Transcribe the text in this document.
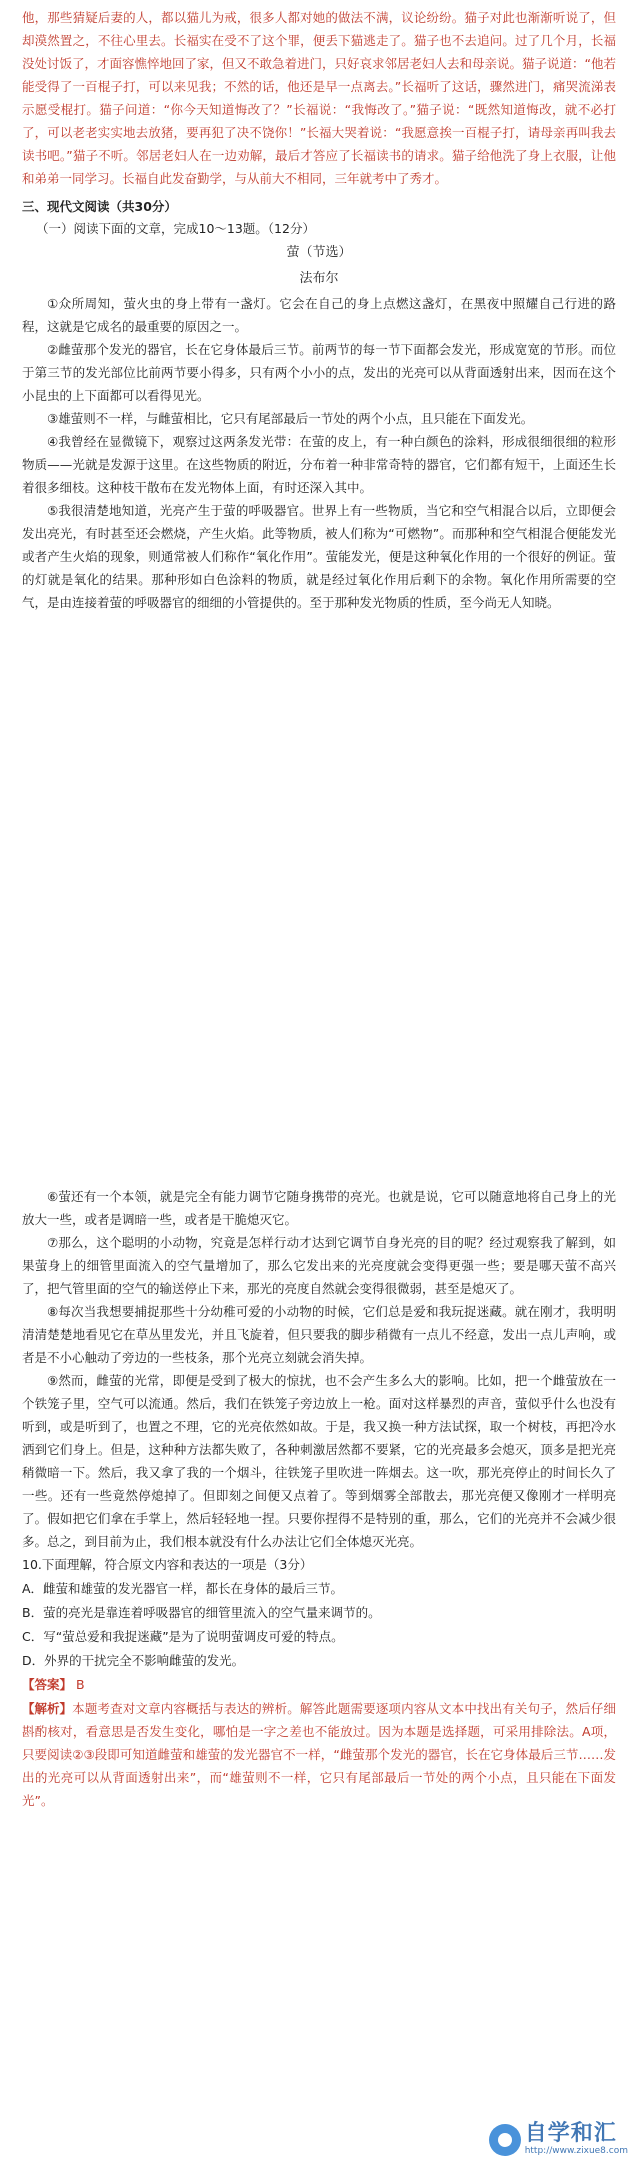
他，那些猜疑后妻的人，都以猫儿为戒，很多人都对她的做法不满，议论纷纷。猫子对此也渐渐听说了，但却漠然置之，不往心里去。长福实在受不了这个罪，便丢下猫逃走了。猫子也不去追问。过了几个月，长福没处讨饭了，才面容憔悴地回了家，但又不敢急着进门，只好哀求邻居老妇人去和母亲说。猫子说道：“他若能受得了一百棍子打，可以来见我；不然的话，他还是早一点离去。”长福听了这话，骤然进门，痛哭流涕表示愿受棍打。猫子问道：“你今天知道悔改了？”长福说：“我悔改了。”猫子说：“既然知道悔改，就不必打了，可以老老实实地去放猪，要再犯了决不饶你！”长福大哭着说：“我愿意挨一百棍子打，请母亲再叫我去读书吧。”猫子不听。邻居老妇人在一边劝解，最后才答应了长福读书的请求。猫子给他洗了身上衣服，让他和弟弟一同学习。长福自此发奋勤学，与从前大不相同，三年就考中了秀才。

三、现代文阅读（共30分）

（一）阅读下面的文章，完成10～13题。（12分）

萤（节选）

法布尔

①众所周知，萤火虫的身上带有一盏灯。它会在自己的身上点燃这盏灯，在黑夜中照耀自己行进的路程，这就是它成名的最重要的原因之一。

②雌萤那个发光的器官，长在它身体最后三节。前两节的每一节下面都会发光，形成宽宽的节形。而位于第三节的发光部位比前两节要小得多，只有两个小小的点，发出的光亮可以从背面透射出来，因而在这个小昆虫的上下面都可以看得见光。

③雄萤则不一样，与雌萤相比，它只有尾部最后一节处的两个小点，且只能在下面发光。

④我曾经在显微镜下，观察过这两条发光带：在萤的皮上，有一种白颜色的涂料，形成很细很细的粒形物质——光就是发源于这里。在这些物质的附近，分布着一种非常奇特的器官，它们都有短干，上面还生长着很多细枝。这种枝干散布在发光物体上面，有时还深入其中。

⑤我很清楚地知道，光亮产生于萤的呼吸器官。世界上有一些物质，当它和空气相混合以后，立即便会发出亮光，有时甚至还会燃烧，产生火焰。此等物质，被人们称为“可燃物”。而那种和空气相混合便能发光或者产生火焰的现象，则通常被人们称作“氧化作用”。萤能发光，便是这种氧化作用的一个很好的例证。萤的灯就是氧化的结果。那种形如白色涂料的物质，就是经过氧化作用后剩下的余物。氧化作用所需要的空气，是由连接着萤的呼吸器官的细细的小管提供的。至于那种发光物质的性质，至今尚无人知晓。

⑥萤还有一个本领，就是完全有能力调节它随身携带的亮光。也就是说，它可以随意地将自己身上的光放大一些，或者是调暗一些，或者是干脆熄灭它。

⑦那么，这个聪明的小动物，究竟是怎样行动才达到它调节自身光亮的目的呢？经过观察我了解到，如果萤身上的细管里面流入的空气量增加了，那么它发出来的光亮度就会变得更强一些；要是哪天萤不高兴了，把气管里面的空气的输送停止下来，那光的亮度自然就会变得很微弱，甚至是熄灭了。

⑧每次当我想要捕捉那些十分幼稚可爱的小动物的时候，它们总是爱和我玩捉迷藏。就在刚才，我明明清清楚楚地看见它在草丛里发光，并且飞旋着，但只要我的脚步稍微有一点儿不经意，发出一点儿声响，或者是不小心触动了旁边的一些枝条，那个光亮立刻就会消失掉。

⑨然而，雌萤的光常，即便是受到了极大的惊扰，也不会产生多么大的影响。比如，把一个雌萤放在一个铁笼子里，空气可以流通。然后，我们在铁笼子旁边放上一枪。面对这样暴烈的声音，萤似乎什么也没有听到，或是听到了，也置之不理，它的光亮依然如故。于是，我又换一种方法试探，取一个树枝，再把冷水洒到它们身上。但是，这种种方法都失败了，各种刺激居然都不要紧，它的光亮最多会熄灭，顶多是把光亮稍微暗一下。然后，我又拿了我的一个烟斗，往铁笼子里吹进一阵烟去。这一吹，那光亮停止的时间长久了一些。还有一些竟然停熄掉了。但即刻之间便又点着了。等到烟雾全部散去，那光亮便又像刚才一样明亮了。假如把它们拿在手掌上，然后轻轻地一捏。只要你捏得不是特别的重，那么，它们的光亮并不会减少很多。总之，到目前为止，我们根本就没有什么办法让它们全体熄灭光亮。

10.下面理解，符合原文内容和表达的一项是（3分）

A．雌萤和雄萤的发光器官一样，都长在身体的最后三节。

B．萤的亮光是靠连着呼吸器官的细管里流入的空气量来调节的。

C．写“萤总爱和我捉迷藏”是为了说明萤调皮可爱的特点。

D．外界的干扰完全不影响雌萤的发光。

【答案】 B

【解析】本题考查对文章内容概括与表达的辨析。解答此题需要逐项内容从文本中找出有关句子，然后仔细斟酌核对，看意思是否发生变化，哪怕是一字之差也不能放过。因为本题是选择题，可采用排除法。A项，只要阅读②③段即可知道雌萤和雄萤的发光器官不一样，“雌萤那个发光的器官，长在它身体最后三节……发出的光亮可以从背面透射出来”，而“雄萤则不一样，它只有尾部最后一节处的两个小点，且只能在下面发光”。

自学和汇
http://www.zixue8.com
